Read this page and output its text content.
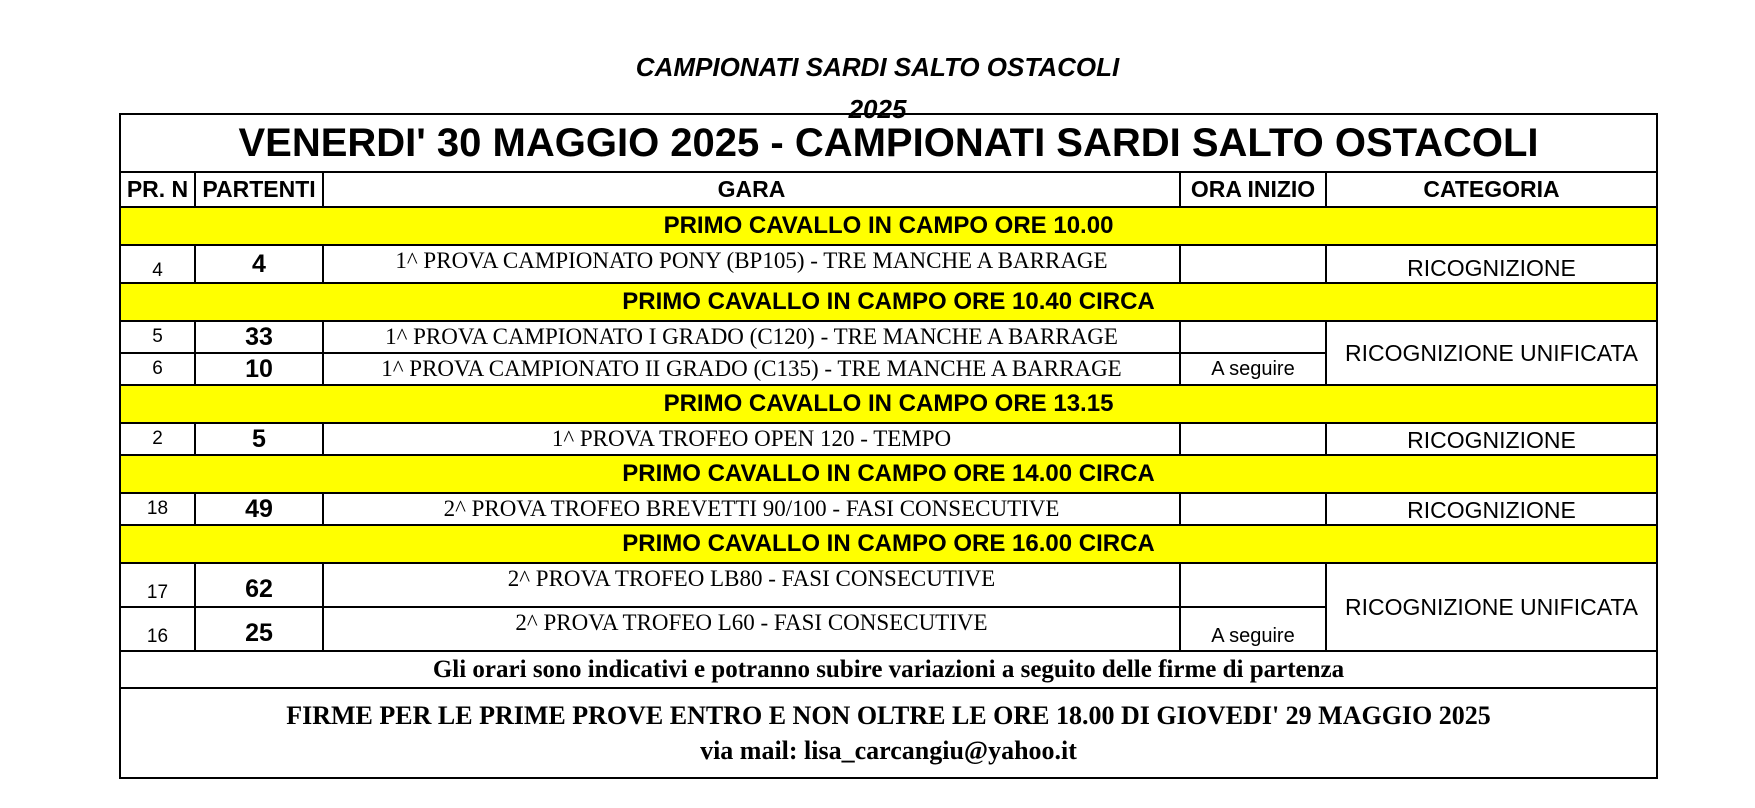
CAMPIONATI SARDI SALTO OSTACOLI
2025
VENERDI' 30 MAGGIO 2025 - CAMPIONATI SARDI SALTO OSTACOLI				
PR. N	PARTENTI	GARA	ORA INIZIO	CATEGORIA
PRIMO CAVALLO IN CAMPO ORE 10.00				
4	4	1^ PROVA CAMPIONATO PONY (BP105) - TRE MANCHE A BARRAGE		RICOGNIZIONE
PRIMO CAVALLO IN CAMPO ORE 10.40 CIRCA				
5	33	1^ PROVA CAMPIONATO I GRADO (C120) - TRE MANCHE A BARRAGE		RICOGNIZIONE UNIFICATA
6	10	1^ PROVA CAMPIONATO II GRADO (C135) - TRE MANCHE A BARRAGE	A seguire	
PRIMO CAVALLO IN CAMPO ORE 13.15				
2	5	1^ PROVA TROFEO OPEN 120 - TEMPO		RICOGNIZIONE
PRIMO CAVALLO IN CAMPO ORE 14.00 CIRCA				
18	49	2^ PROVA TROFEO BREVETTI 90/100 - FASI CONSECUTIVE		RICOGNIZIONE
PRIMO CAVALLO IN CAMPO ORE 16.00 CIRCA				
17	62	2^ PROVA TROFEO LB80 - FASI CONSECUTIVE		RICOGNIZIONE UNIFICATA
16	25	2^ PROVA TROFEO L60 - FASI CONSECUTIVE	A seguire	
Gli orari sono indicativi e potranno subire variazioni a seguito delle firme di partenza				

FIRME PER LE PRIME PROVE ENTRO E NON OLTRE LE ORE 18.00 DI GIOVEDI' 29 MAGGIO 2025
via mail: lisa_carcangiu@yahoo.it				
